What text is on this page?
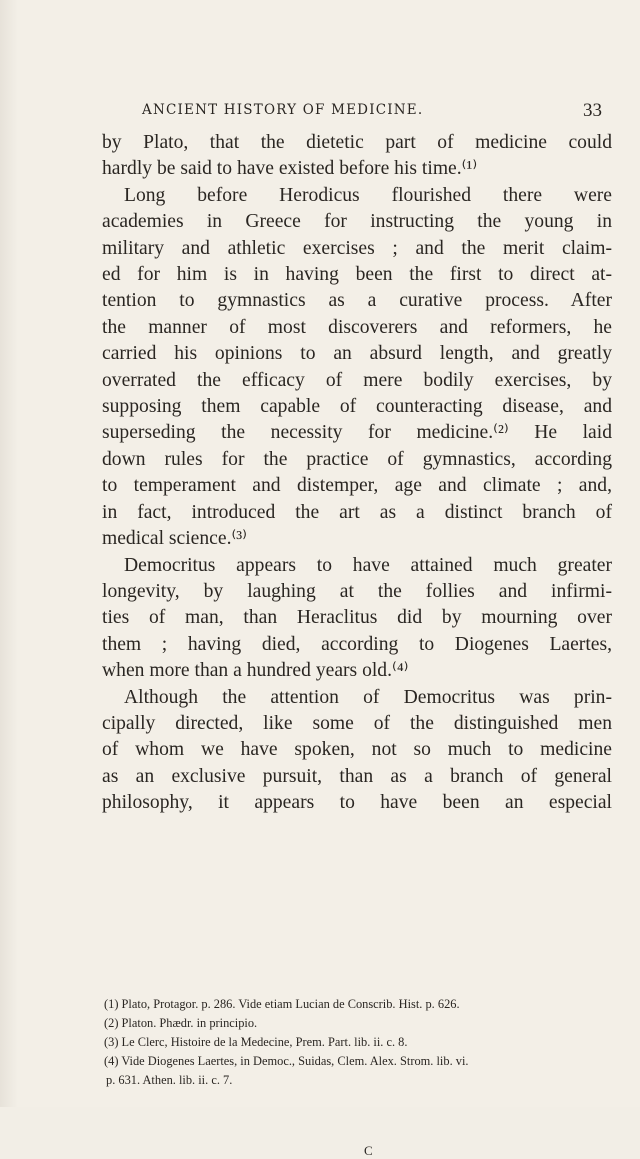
ANCIENT HISTORY OF MEDICINE.	33
by Plato, that the dietetic part of medicine could
hardly be said to have existed before his time.⁽¹⁾
Long before Herodicus flourished there were
academies in Greece for instructing the young in
military and athletic exercises ; and the merit claim-
ed for him is in having been the first to direct at-
tention to gymnastics as a curative process. After
the manner of most discoverers and reformers, he
carried his opinions to an absurd length, and greatly
overrated the efficacy of mere bodily exercises, by
supposing them capable of counteracting disease, and
superseding the necessity for medicine.⁽²⁾ He laid
down rules for the practice of gymnastics, according
to temperament and distemper, age and climate ; and,
in fact, introduced the art as a distinct branch of
medical science.⁽³⁾
Democritus appears to have attained much greater
longevity, by laughing at the follies and infirmi-
ties of man, than Heraclitus did by mourning over
them ; having died, according to Diogenes Laertes,
when more than a hundred years old.⁽⁴⁾
Although the attention of Democritus was prin-
cipally directed, like some of the distinguished men
of whom we have spoken, not so much to medicine
as an exclusive pursuit, than as a branch of general
philosophy, it appears to have been an especial
(1) Plato, Protagor. p. 286. Vide etiam Lucian de Conscrib. Hist. p. 626.
(2) Platon. Phædr. in principio.
(3) Le Clerc, Histoire de la Medecine, Prem. Part. lib. ii. c. 8.
(4) Vide Diogenes Laertes, in Democ., Suidas, Clem. Alex. Strom. lib. vi.
p. 631. Athen. lib. ii. c. 7.
C
